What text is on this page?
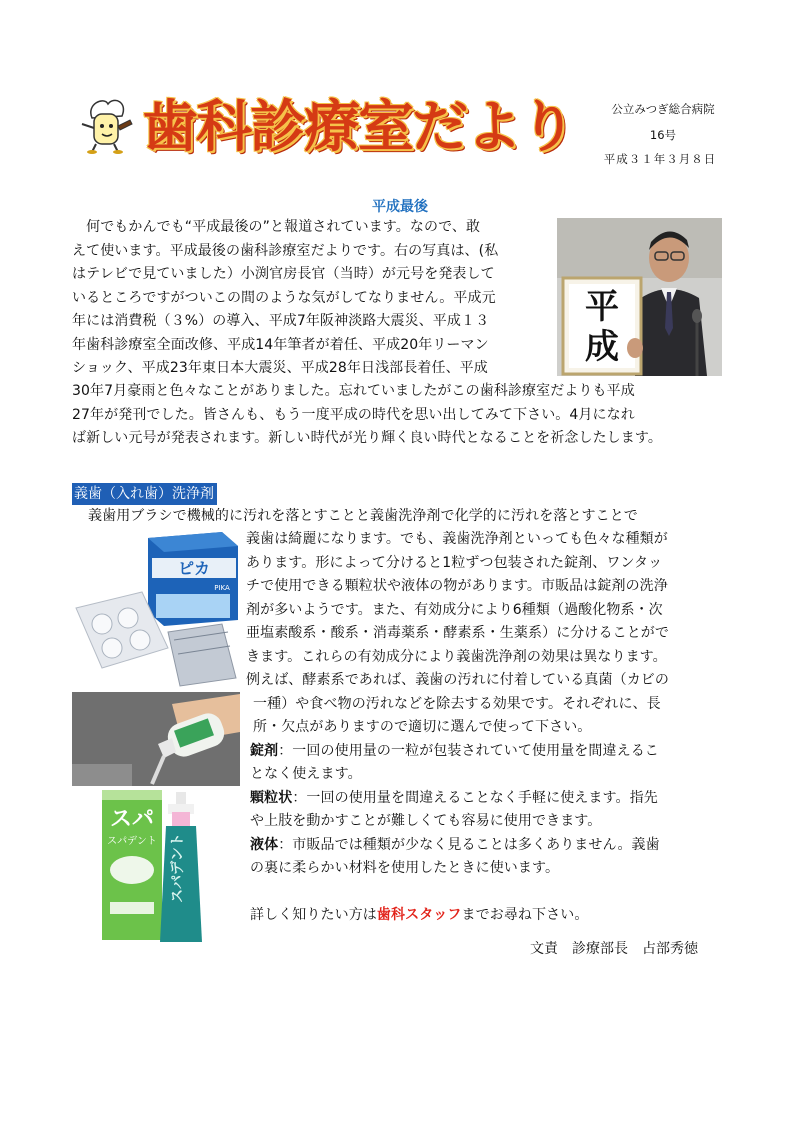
歯科診療室だより	公立みつぎ総合病院
16号
平成３１年３月８日
平成最後
　何でもかんでも“平成最後の”と報道されています。なので、敢
えて使います。平成最後の歯科診療室だよりです。右の写真は、(私
はテレビで見ていました）小渕官房長官（当時）が元号を発表して
いるところですがついこの間のような気がしてなりません。平成元
年には消費税（３%）の導入、平成7年阪神淡路大震災、平成１３
年歯科診療室全面改修、平成14年筆者が着任、平成20年リーマン
ショック、平成23年東日本大震災、平成28年日浅部長着任、平成
30年7月豪雨と色々なことがありました。忘れていましたがこの歯科診療室だよりも平成
27年が発刊でした。皆さんも、もう一度平成の時代を思い出してみて下さい。4月になれ
ば新しい元号が発表されます。新しい時代が光り輝く良い時代となることを祈念したします。
平
成
義歯（入れ歯）洗浄剤
義歯用ブラシで機械的に汚れを落とすことと義歯洗浄剤で化学的に汚れを落とすことで
義歯は綺麗になります。でも、義歯洗浄剤といっても色々な種類が
あります。形によって分けると1粒ずつ包装された錠剤、ワンタッ
チで使用できる顆粒状や液体の物があります。市販品は錠剤の洗浄
剤が多いようです。また、有効成分により6種類（過酸化物系・次
亜塩素酸系・酸系・消毒薬系・酵素系・生薬系）に分けることがで
きます。これらの有効成分により義歯洗浄剤の効果は異なります。
例えば、酵素系であれば、義歯の汚れに付着している真菌（カビの
一種）や食べ物の汚れなどを除去する効果です。それぞれに、長
所・欠点がありますので適切に選んで使って下さい。
錠剤：一回の使用量の一粒が包装されていて使用量を間違えるこ
となく使えます。
顆粒状：一回の使用量を間違えることなく手軽に使えます。指先
や上肢を動かすことが難しくても容易に使用できます。
液体：市販品では種類が少なく見ることは多くありません。義歯
の裏に柔らかい材料を使用したときに使います。
詳しく知りたい方は歯科スタッフまでお尋ね下さい。
文責　診療部長　占部秀徳
ピカ
PIKA
スパ
スパデント スパデント
